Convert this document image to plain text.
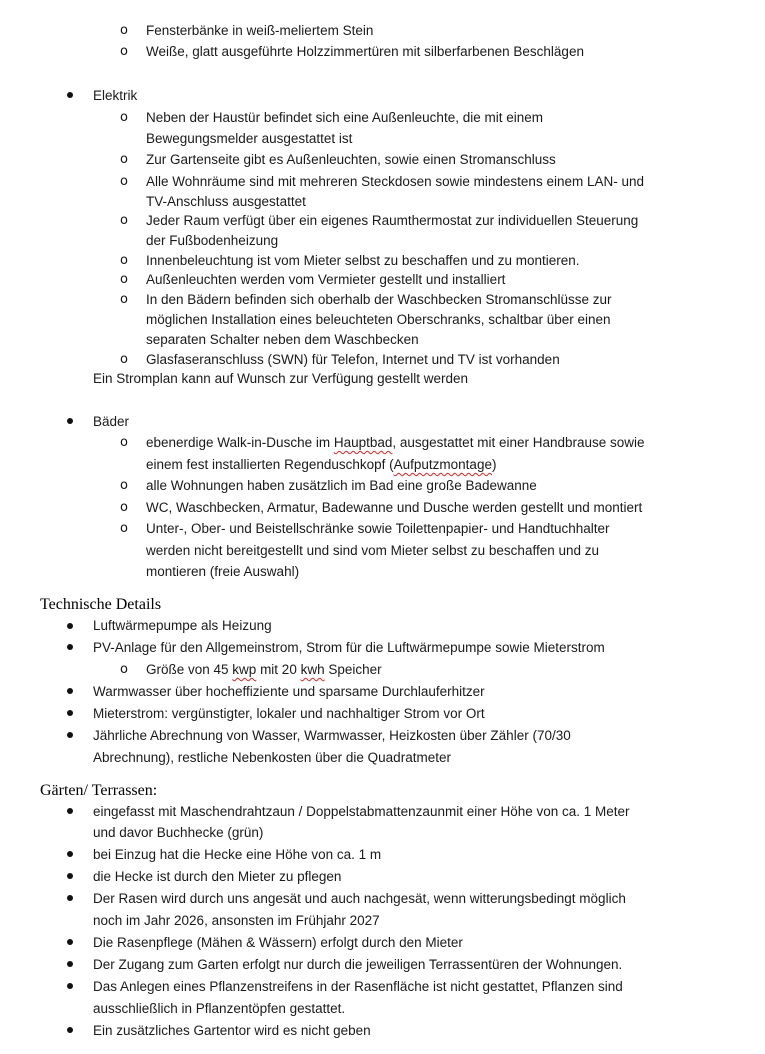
o Fensterbänke in weiß-meliertem Stein
o Weiße, glatt ausgeführte Holzzimmertüren mit silberfarbenen Beschlägen
Elektrik
o Neben der Haustür befindet sich eine Außenleuchte, die mit einem
Bewegungsmelder ausgestattet ist
o Zur Gartenseite gibt es Außenleuchten, sowie einen Stromanschluss
o Alle Wohnräume sind mit mehreren Steckdosen sowie mindestens einem LAN- und
TV-Anschluss ausgestattet
o Jeder Raum verfügt über ein eigenes Raumthermostat zur individuellen Steuerung
der Fußbodenheizung
o Innenbeleuchtung ist vom Mieter selbst zu beschaffen und zu montieren.
o Außenleuchten werden vom Vermieter gestellt und installiert
o In den Bädern befinden sich oberhalb der Waschbecken Stromanschlüsse zur
möglichen Installation eines beleuchteten Oberschranks, schaltbar über einen
separaten Schalter neben dem Waschbecken
o Glasfaseranschluss (SWN) für Telefon, Internet und TV ist vorhanden
Ein Stromplan kann auf Wunsch zur Verfügung gestellt werden
Bäder
o ebenerdige Walk-in-Dusche im Hauptbad, ausgestattet mit einer Handbrause sowie
einem fest installierten Regenduschkopf (Aufputzmontage)
o alle Wohnungen haben zusätzlich im Bad eine große Badewanne
o WC, Waschbecken, Armatur, Badewanne und Dusche werden gestellt und montiert
o Unter-, Ober- und Beistellschränke sowie Toilettenpapier- und Handtuchhalter
werden nicht bereitgestellt und sind vom Mieter selbst zu beschaffen und zu
montieren (freie Auswahl)
Technische Details
Luftwärmepumpe als Heizung
PV-Anlage für den Allgemeinstrom, Strom für die Luftwärmepumpe sowie Mieterstrom
o Größe von 45 kwp mit 20 kwh Speicher
Warmwasser über hocheffiziente und sparsame Durchlauferhitzer
Mieterstrom: vergünstigter, lokaler und nachhaltiger Strom vor Ort
Jährliche Abrechnung von Wasser, Warmwasser, Heizkosten über Zähler (70/30
Abrechnung), restliche Nebenkosten über die Quadratmeter
Gärten/ Terrassen:
eingefasst mit Maschendrahtzaun / Doppelstabmattenzaunmit einer Höhe von ca. 1 Meter
und davor Buchhecke (grün)
bei Einzug hat die Hecke eine Höhe von ca. 1 m
die Hecke ist durch den Mieter zu pflegen
Der Rasen wird durch uns angesät und auch nachgesät, wenn witterungsbedingt möglich
noch im Jahr 2026, ansonsten im Frühjahr 2027
Die Rasenpflege (Mähen & Wässern) erfolgt durch den Mieter
Der Zugang zum Garten erfolgt nur durch die jeweiligen Terrassentüren der Wohnungen.
Das Anlegen eines Pflanzenstreifens in der Rasenfläche ist nicht gestattet, Pflanzen sind
ausschließlich in Pflanzentöpfen gestattet.
Ein zusätzliches Gartentor wird es nicht geben
